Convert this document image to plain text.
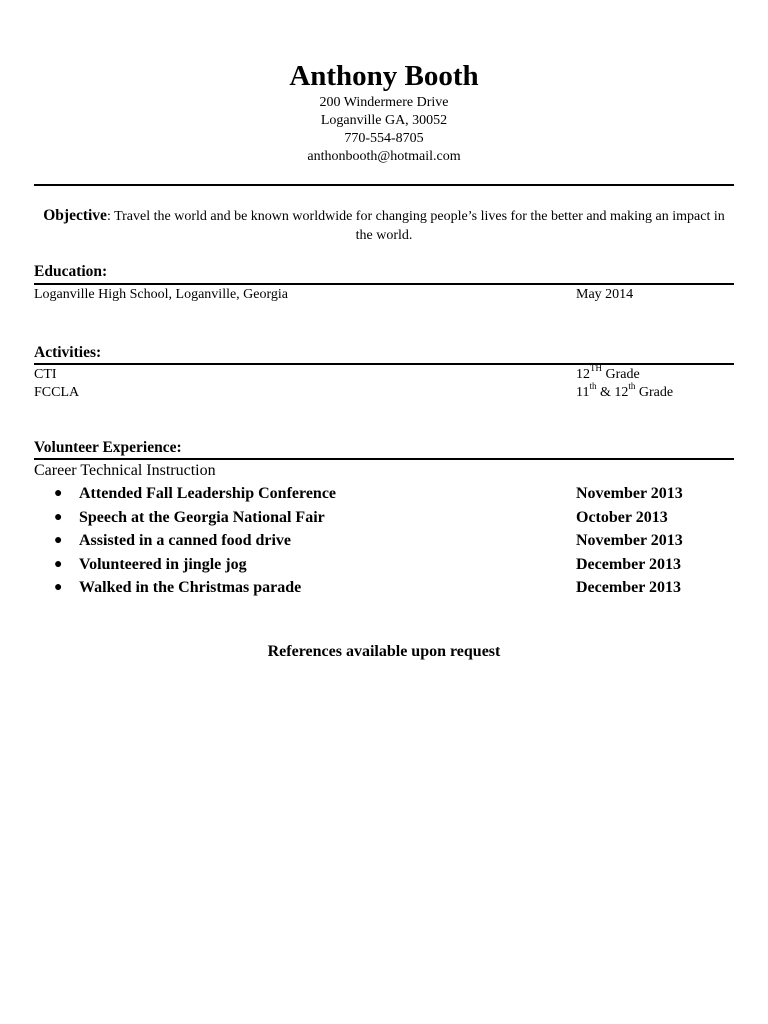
Anthony Booth
200 Windermere Drive
Loganville GA, 30052
770-554-8705
anthonbooth@hotmail.com
Objective: Travel the world and be known worldwide for changing people’s lives for the better and making an impact in the world.
Education:
Loganville High School, Loganville, Georgia	May 2014
Activities:
CTI	12TH Grade
FCCLA	11th & 12th Grade
Volunteer Experience:
Career Technical Instruction
● Attended Fall Leadership Conference	November 2013
● Speech at the Georgia National Fair	October 2013
● Assisted in a canned food drive	November 2013
● Volunteered in jingle jog	December 2013
● Walked in the Christmas parade	December 2013
References available upon request
